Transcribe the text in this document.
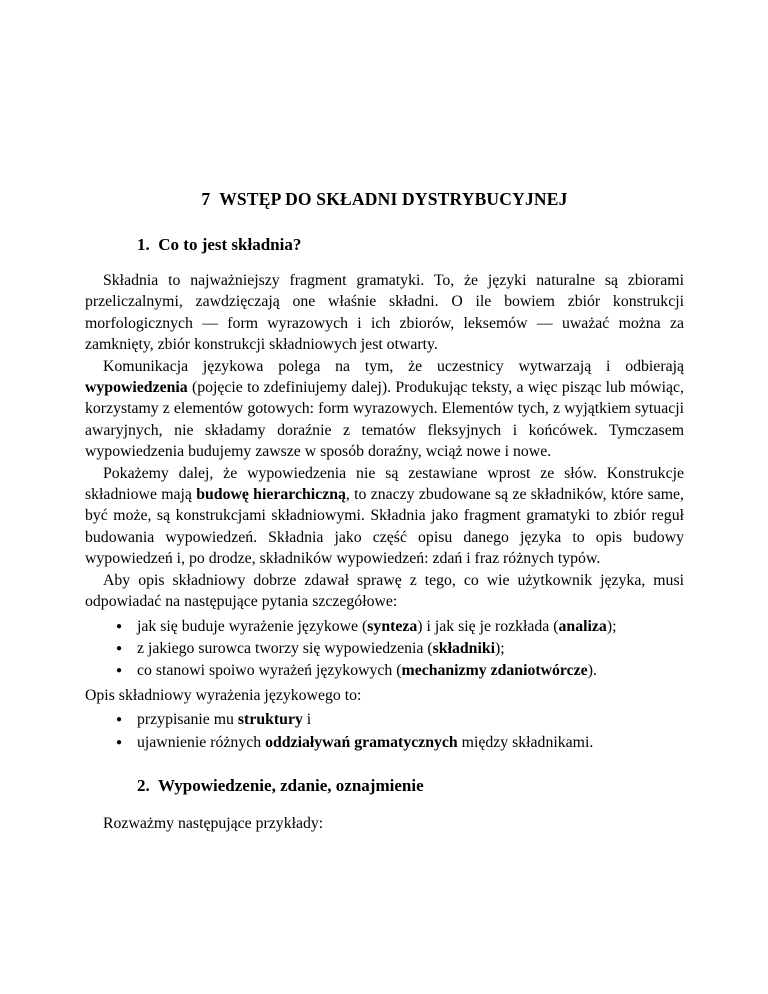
7  WSTĘP DO SKŁADNI DYSTRYBUCYJNEJ
1.  Co to jest składnia?

Składnia to najważniejszy fragment gramatyki. To, że języki naturalne są zbiorami przeliczalnymi, zawdzięczają one właśnie składni. O ile bowiem zbiór konstrukcji morfologicznych — form wyrazowych i ich zbiorów, leksemów — uważać można za zamknięty, zbiór konstrukcji składniowych jest otwarty.

Komunikacja językowa polega na tym, że uczestnicy wytwarzają i odbierają wypowiedzenia (pojęcie to zdefiniujemy dalej). Produkując teksty, a więc pisząc lub mówiąc, korzystamy z elementów gotowych: form wyrazowych. Elementów tych, z wyjątkiem sytuacji awaryjnych, nie składamy doraźnie z tematów fleksyjnych i końcówek. Tymczasem wypowiedzenia budujemy zawsze w sposób doraźny, wciąż nowe i nowe.

Pokażemy dalej, że wypowiedzenia nie są zestawiane wprost ze słów. Konstrukcje składniowe mają budowę hierarchiczną, to znaczy zbudowane są ze składników, które same, być może, są konstrukcjami składniowymi. Składnia jako fragment gramatyki to zbiór reguł budowania wypowiedzeń. Składnia jako część opisu danego języka to opis budowy wypowiedzeń i, po drodze, składników wypowiedzeń: zdań i fraz różnych typów.

Aby opis składniowy dobrze zdawał sprawę z tego, co wie użytkownik języka, musi odpowiadać na następujące pytania szczegółowe:

● jak się buduje wyrażenie językowe (synteza) i jak się je rozkłada (analiza);
● z jakiego surowca tworzy się wypowiedzenia (składniki);
● co stanowi spoiwo wyrażeń językowych (mechanizmy zdaniotwórcze).

Opis składniowy wyrażenia językowego to:

● przypisanie mu struktury i
● ujawnienie różnych oddziaływań gramatycznych między składnikami.
2.  Wypowiedzenie, zdanie, oznajmienie

Rozważmy następujące przykłady:
